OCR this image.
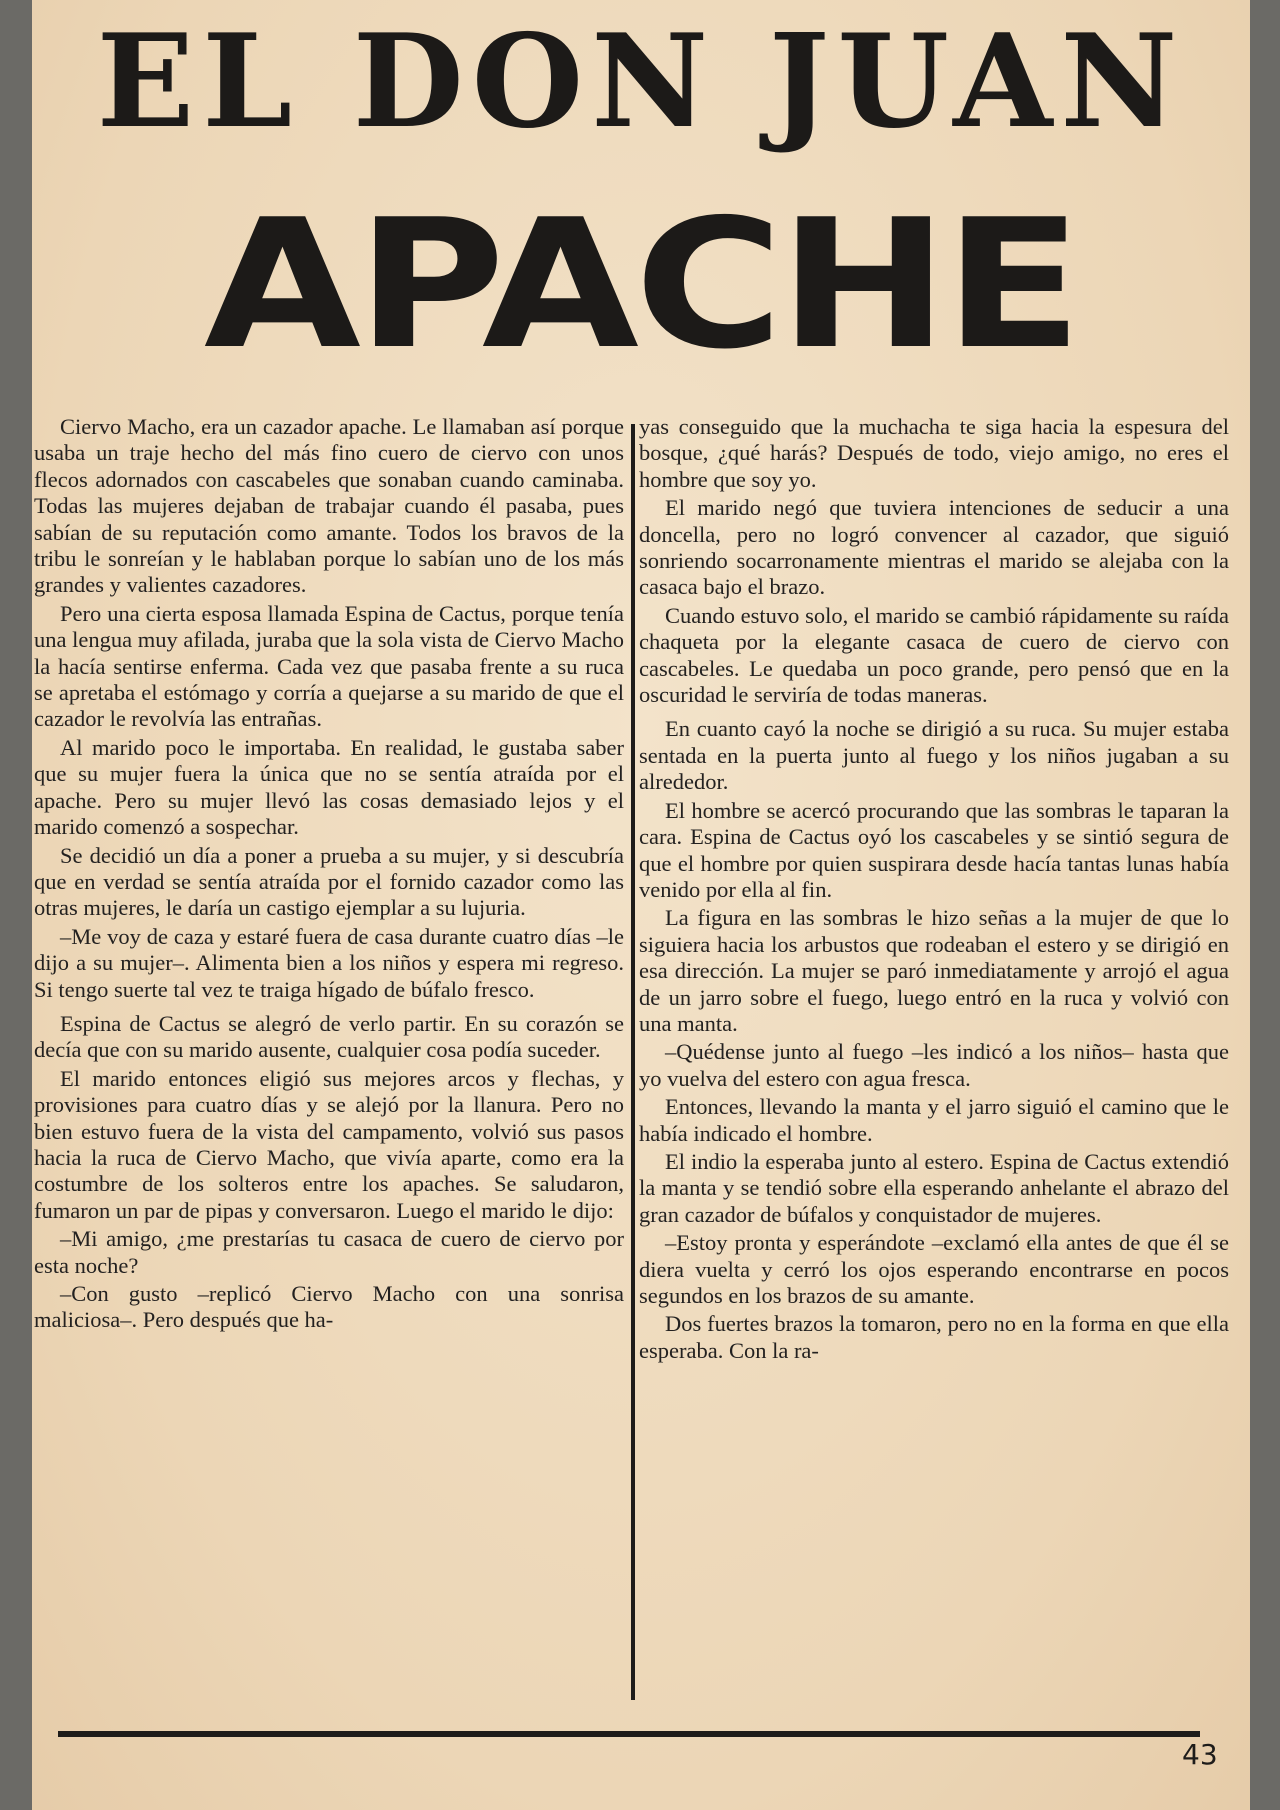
EL DON JUAN
APACHE

Ciervo Macho, era un cazador apache. Le llamaban así porque usaba un traje hecho del más fino cuero de ciervo con unos flecos adornados con cascabeles que sonaban cuando caminaba. Todas las mujeres dejaban de trabajar cuando él pasaba, pues sabían de su reputación como amante. Todos los bravos de la tribu le sonreían y le hablaban porque lo sabían uno de los más grandes y valientes cazadores.

Pero una cierta esposa llamada Espina de Cactus, porque tenía una lengua muy afilada, juraba que la sola vista de Ciervo Macho la hacía sentirse enferma. Cada vez que pasaba frente a su ruca se apretaba el estómago y corría a quejarse a su marido de que el cazador le revolvía las entrañas.

Al marido poco le importaba. En realidad, le gustaba saber que su mujer fuera la única que no se sentía atraída por el apache. Pero su mujer llevó las cosas demasiado lejos y el marido comenzó a sospechar.

Se decidió un día a poner a prueba a su mujer, y si descubría que en verdad se sentía atraída por el fornido cazador como las otras mujeres, le daría un castigo ejemplar a su lujuria.

–Me voy de caza y estaré fuera de casa durante cuatro días –le dijo a su mujer–. Alimenta bien a los niños y espera mi regreso. Si tengo suerte tal vez te traiga hígado de búfalo fresco.

Espina de Cactus se alegró de verlo partir. En su corazón se decía que con su marido ausente, cualquier cosa podía suceder.

El marido entonces eligió sus mejores arcos y flechas, y provisiones para cuatro días y se alejó por la llanura. Pero no bien estuvo fuera de la vista del campamento, volvió sus pasos hacia la ruca de Ciervo Macho, que vivía aparte, como era la costumbre de los solteros entre los apaches. Se saludaron, fumaron un par de pipas y conversaron. Luego el marido le dijo:

–Mi amigo, ¿me prestarías tu casaca de cuero de ciervo por esta noche?

–Con gusto –replicó Ciervo Macho con una sonrisa maliciosa–. Pero después que ha-

yas conseguido que la muchacha te siga hacia la espesura del bosque, ¿qué harás? Después de todo, viejo amigo, no eres el hombre que soy yo.

El marido negó que tuviera intenciones de seducir a una doncella, pero no logró convencer al cazador, que siguió sonriendo socarronamente mientras el marido se alejaba con la casaca bajo el brazo.

Cuando estuvo solo, el marido se cambió rápidamente su raída chaqueta por la elegante casaca de cuero de ciervo con cascabeles. Le quedaba un poco grande, pero pensó que en la oscuridad le serviría de todas maneras.

En cuanto cayó la noche se dirigió a su ruca. Su mujer estaba sentada en la puerta junto al fuego y los niños jugaban a su alrededor.

El hombre se acercó procurando que las sombras le taparan la cara. Espina de Cactus oyó los cascabeles y se sintió segura de que el hombre por quien suspirara desde hacía tantas lunas había venido por ella al fin.

La figura en las sombras le hizo señas a la mujer de que lo siguiera hacia los arbustos que rodeaban el estero y se dirigió en esa dirección. La mujer se paró inmediatamente y arrojó el agua de un jarro sobre el fuego, luego entró en la ruca y volvió con una manta.

–Quédense junto al fuego –les indicó a los niños– hasta que yo vuelva del estero con agua fresca.

Entonces, llevando la manta y el jarro siguió el camino que le había indicado el hombre.

El indio la esperaba junto al estero. Espina de Cactus extendió la manta y se tendió sobre ella esperando anhelante el abrazo del gran cazador de búfalos y conquistador de mujeres.

–Estoy pronta y esperándote –exclamó ella antes de que él se diera vuelta y cerró los ojos esperando encontrarse en pocos segundos en los brazos de su amante.

Dos fuertes brazos la tomaron, pero no en la forma en que ella esperaba. Con la ra-

43
